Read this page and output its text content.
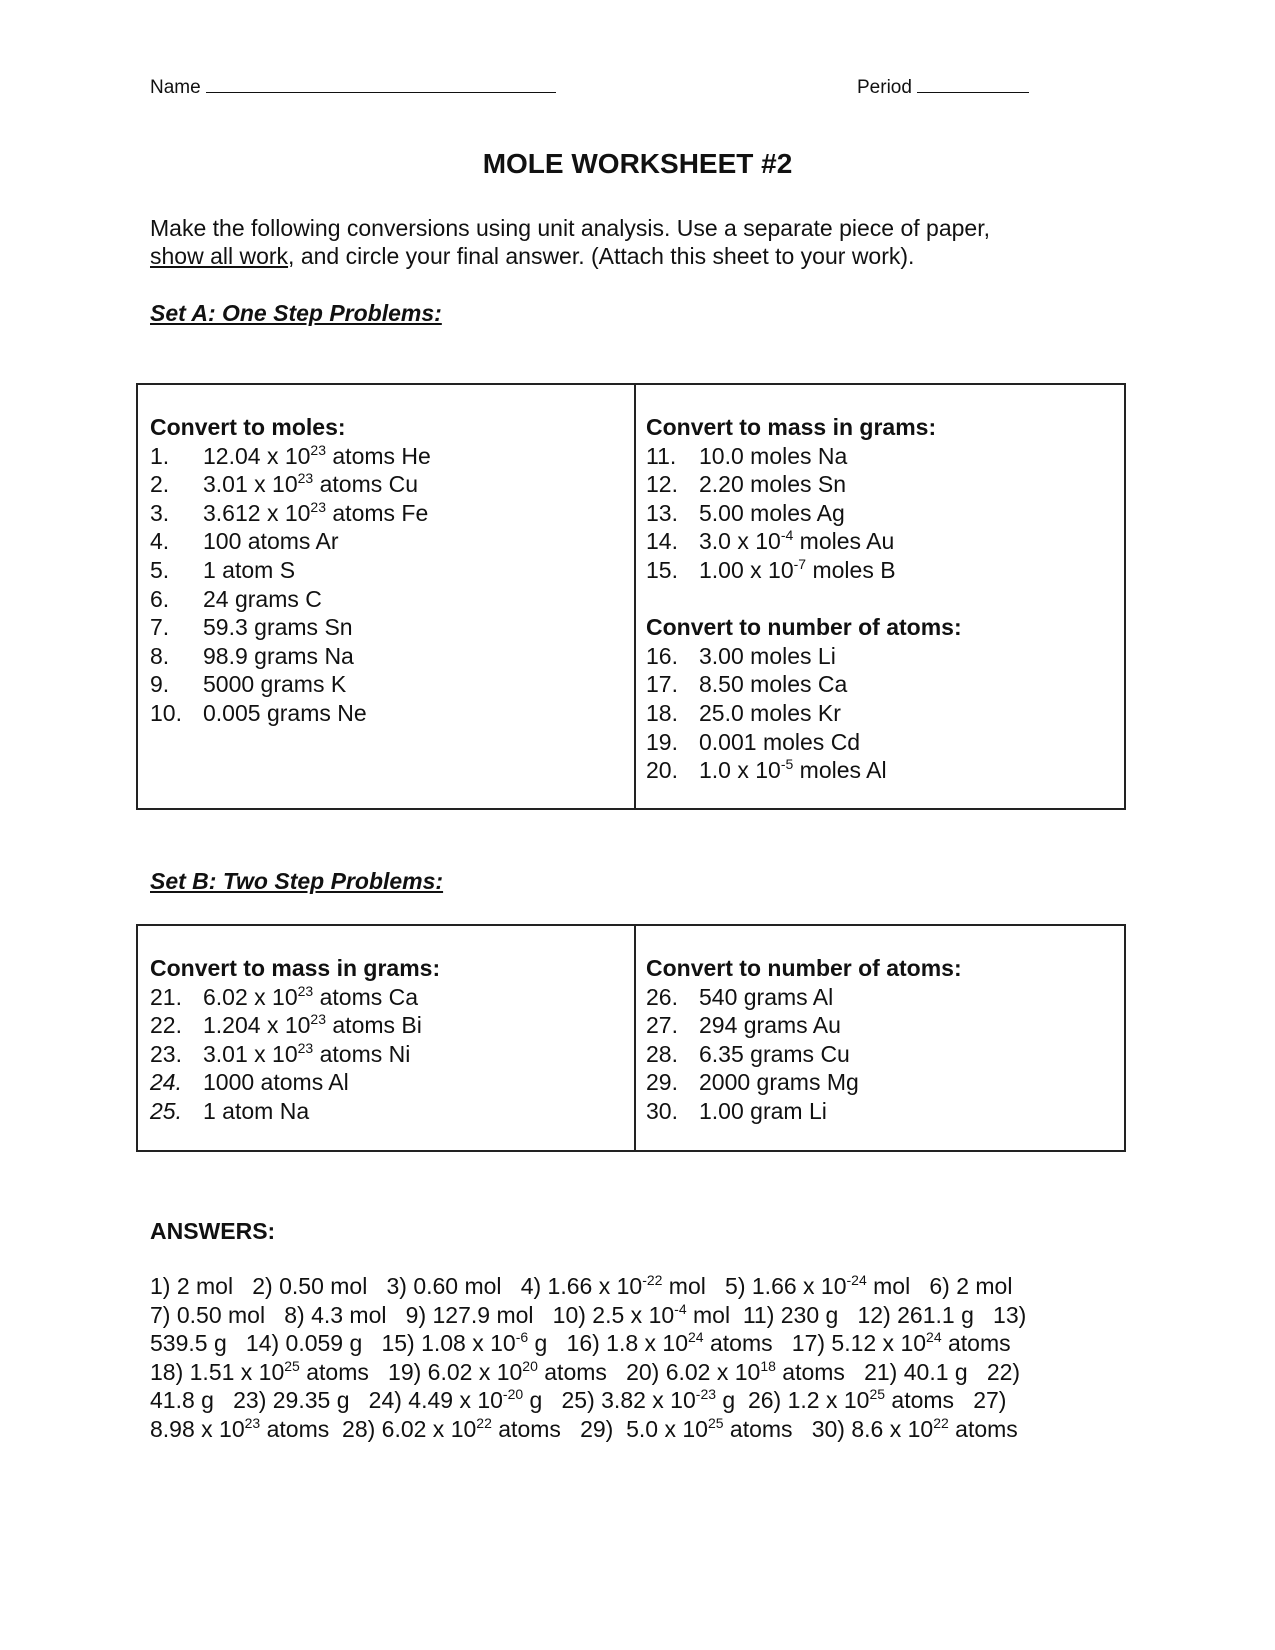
Name	Period
MOLE WORKSHEET #2
Make the following conversions using unit analysis. Use a separate piece of paper,
show all work, and circle your final answer. (Attach this sheet to your work).
Set A: One Step Problems:
Convert to moles:
1. 12.04 x $10^{23}$ atoms He
2. 3.01 x $10^{23}$ atoms Cu
3. 3.612 x $10^{23}$ atoms Fe
4. 100 atoms Ar
5. 1 atom S
6. 24 grams C
7. 59.3 grams Sn
8. 98.9 grams Na
9. 5000 grams K
10. 0.005 grams Ne
Convert to mass in grams:
11. 10.0 moles Na
12. 2.20 moles Sn
13. 5.00 moles Ag
14. 3.0 x $10^{-4}$ moles Au
15. 1.00 x $10^{-7}$ moles B
Convert to number of atoms:
16. 3.00 moles Li
17. 8.50 moles Ca
18. 25.0 moles Kr
19. 0.001 moles Cd
20. 1.0 x $10^{-5}$ moles Al
Set B: Two Step Problems:
Convert to mass in grams:
21. 6.02 x $10^{23}$ atoms Ca
22. 1.204 x $10^{23}$ atoms Bi
23. 3.01 x $10^{23}$ atoms Ni
24. 1000 atoms Al
25. 1 atom Na
Convert to number of atoms:
26. 540 grams Al
27. 294 grams Au
28. 6.35 grams Cu
29. 2000 grams Mg
30. 1.00 gram Li
ANSWERS:
1) 2 mol   2) 0.50 mol   3) 0.60 mol   4) 1.66 x $10^{-22}$ mol   5) 1.66 x $10^{-24}$ mol   6) 2 mol
7) 0.50 mol   8) 4.3 mol   9) 127.9 mol   10) 2.5 x $10^{-4}$ mol  11) 230 g   12) 261.1 g   13)
539.5 g   14) 0.059 g   15) 1.08 x $10^{-6}$ g   16) 1.8 x $10^{24}$ atoms   17) 5.12 x $10^{24}$ atoms
18) 1.51 x $10^{25}$ atoms   19) 6.02 x $10^{20}$ atoms   20) 6.02 x $10^{18}$ atoms   21) 40.1 g   22)
41.8 g   23) 29.35 g   24) 4.49 x $10^{-20}$ g   25) 3.82 x $10^{-23}$ g  26) 1.2 x $10^{25}$ atoms   27)
8.98 x $10^{23}$ atoms  28) 6.02 x $10^{22}$ atoms   29)  5.0 x $10^{25}$ atoms   30) 8.6 x $10^{22}$ atoms
